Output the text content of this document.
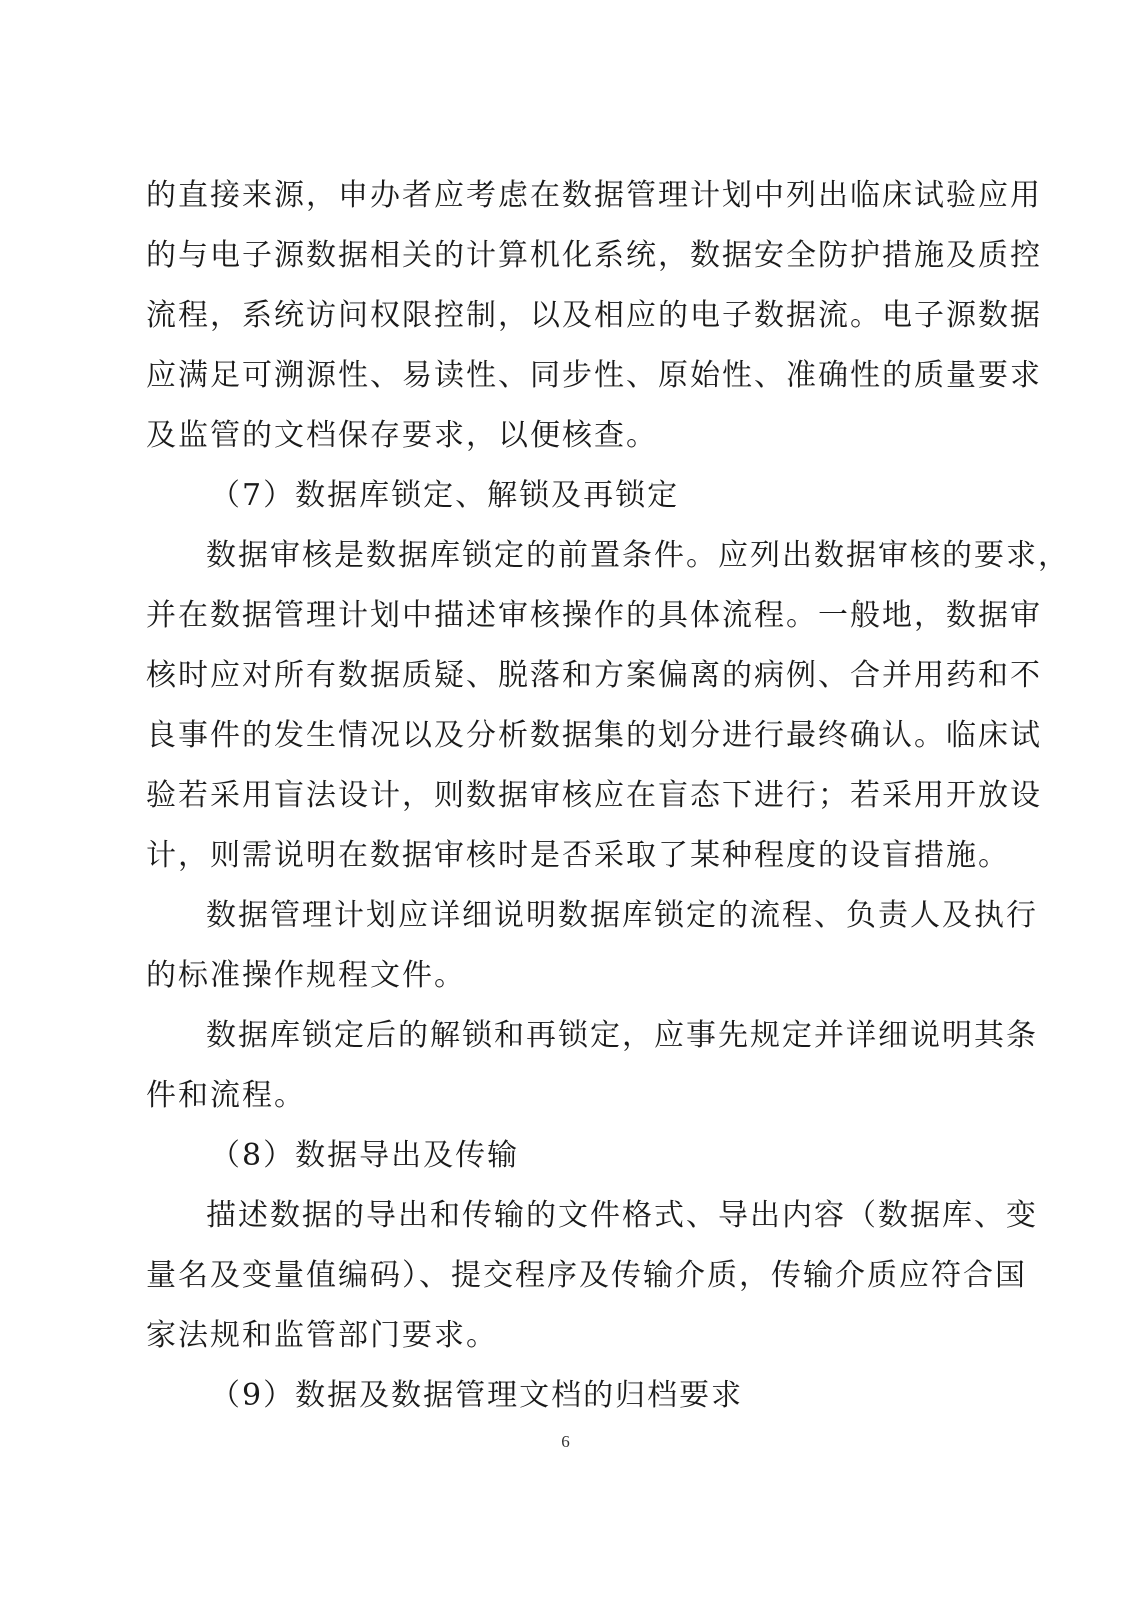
的直接来源，申办者应考虑在数据管理计划中列出临床试验应用
的与电子源数据相关的计算机化系统，数据安全防护措施及质控
流程，系统访问权限控制，以及相应的电子数据流。电子源数据
应满足可溯源性、易读性、同步性、原始性、准确性的质量要求
及监管的文档保存要求，以便核查。
（7）数据库锁定、解锁及再锁定
数据审核是数据库锁定的前置条件。应列出数据审核的要求，
并在数据管理计划中描述审核操作的具体流程。一般地，数据审
核时应对所有数据质疑、脱落和方案偏离的病例、合并用药和不
良事件的发生情况以及分析数据集的划分进行最终确认。临床试
验若采用盲法设计，则数据审核应在盲态下进行；若采用开放设
计，则需说明在数据审核时是否采取了某种程度的设盲措施。
数据管理计划应详细说明数据库锁定的流程、负责人及执行
的标准操作规程文件。
数据库锁定后的解锁和再锁定，应事先规定并详细说明其条
件和流程。
（8）数据导出及传输
描述数据的导出和传输的文件格式、导出内容（数据库、变
量名及变量值编码）、提交程序及传输介质，传输介质应符合国
家法规和监管部门要求。
（9）数据及数据管理文档的归档要求
6
